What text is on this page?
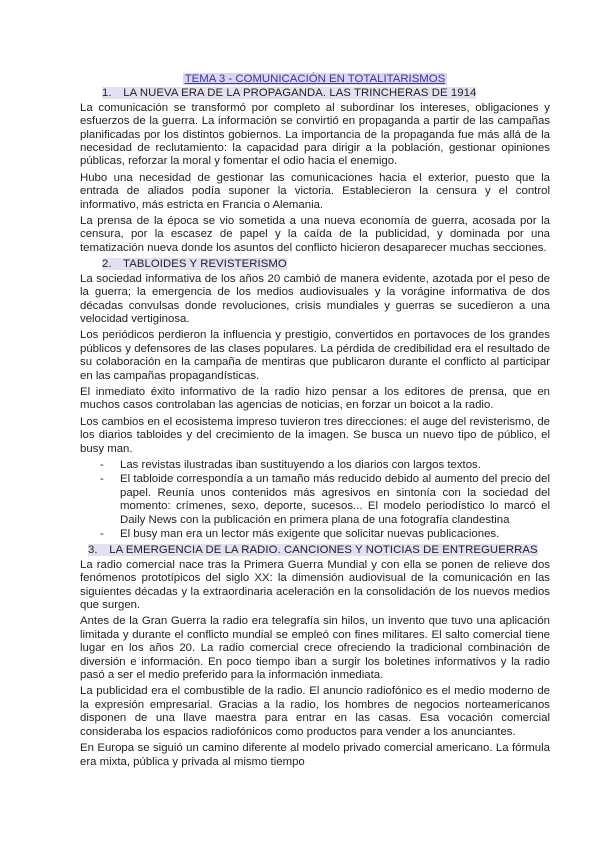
TEMA 3 - COMUNICACIÓN EN TOTALITARISMOS
1. LA NUEVA ERA DE LA PROPAGANDA. LAS TRINCHERAS DE 1914

La comunicación se transformó por completo al subordinar los intereses, obligaciones y esfuerzos de la guerra. La información se convirtió en propaganda a partir de las campañas planificadas por los distintos gobiernos. La importancia de la propaganda fue más allá de la necesidad de reclutamiento: la capacidad para dirigir a la población, gestionar opiniones públicas, reforzar la moral y fomentar el odio hacia el enemigo.

Hubo una necesidad de gestionar las comunicaciones hacia el exterior, puesto que la entrada de aliados podía suponer la victoria. Establecieron la censura y el control informativo, más estricta en Francia o Alemania.

La prensa de la época se vio sometida a una nueva economía de guerra, acosada por la censura, por la escasez de papel y la caída de la publicidad, y dominada por una tematización nueva donde los asuntos del conflicto hicieron desaparecer muchas secciones.

2. TABLOIDES Y REVISTERISMO

La sociedad informativa de los años 20 cambió de manera evidente, azotada por el peso de la guerra; la emergencia de los medios audiovisuales y la vorágine informativa de dos décadas convulsas donde revoluciones, crisis mundiales y guerras se sucedieron a una velocidad vertiginosa.

Los periódicos perdieron la influencia y prestigio, convertidos en portavoces de los grandes públicos y defensores de las clases populares. La pérdida de credibilidad era el resultado de su colaboración en la campaña de mentiras que publicaron durante el conflicto al participar en las campañas propagandísticas.

El inmediato éxito informativo de la radio hizo pensar a los editores de prensa, que en muchos casos controlaban las agencias de noticias, en forzar un boicot a la radio.

Los cambios en el ecosistema impreso tuvieron tres direcciones: el auge del revisterismo, de los diarios tabloides y del crecimiento de la imagen. Se busca un nuevo tipo de público, el busy man.

- Las revistas ilustradas iban sustituyendo a los diarios con largos textos.
- El tabloide correspondía a un tamaño más reducido debido al aumento del precio del papel. Reunía unos contenidos más agresivos en sintonía con la sociedad del momento: crímenes, sexo, deporte, sucesos... El modelo periodístico lo marcó el Daily News con la publicación en primera plana de una fotografía clandestina
- El busy man era un lector más exigente que solicitar nuevas publicaciones.
3. LA EMERGENCIA DE LA RADIO. CANCIONES Y NOTICIAS DE ENTREGUERRAS

La radio comercial nace tras la Primera Guerra Mundial y con ella se ponen de relieve dos fenómenos prototípicos del siglo XX: la dimensión audiovisual de la comunicación en las siguientes décadas y la extraordinaria aceleración en la consolidación de los nuevos medios que surgen.

Antes de la Gran Guerra la radio era telegrafía sin hilos, un invento que tuvo una aplicación limitada y durante el conflicto mundial se empleó con fines militares. El salto comercial tiene lugar en los años 20. La radio comercial crece ofreciendo la tradicional combinación de diversión e información. En poco tiempo iban a surgir los boletines informativos y la radio pasó a ser el medio preferido para la información inmediata.

La publicidad era el combustible de la radio. El anuncio radiofónico es el medio moderno de la expresión empresarial. Gracias a la radio, los hombres de negocios norteamericanos disponen de una llave maestra para entrar en las casas. Esa vocación comercial consideraba los espacios radiofónicos como productos para vender a los anunciantes.

En Europa se siguió un camino diferente al modelo privado comercial americano. La fórmula era mixta, pública y privada al mismo tiempo
